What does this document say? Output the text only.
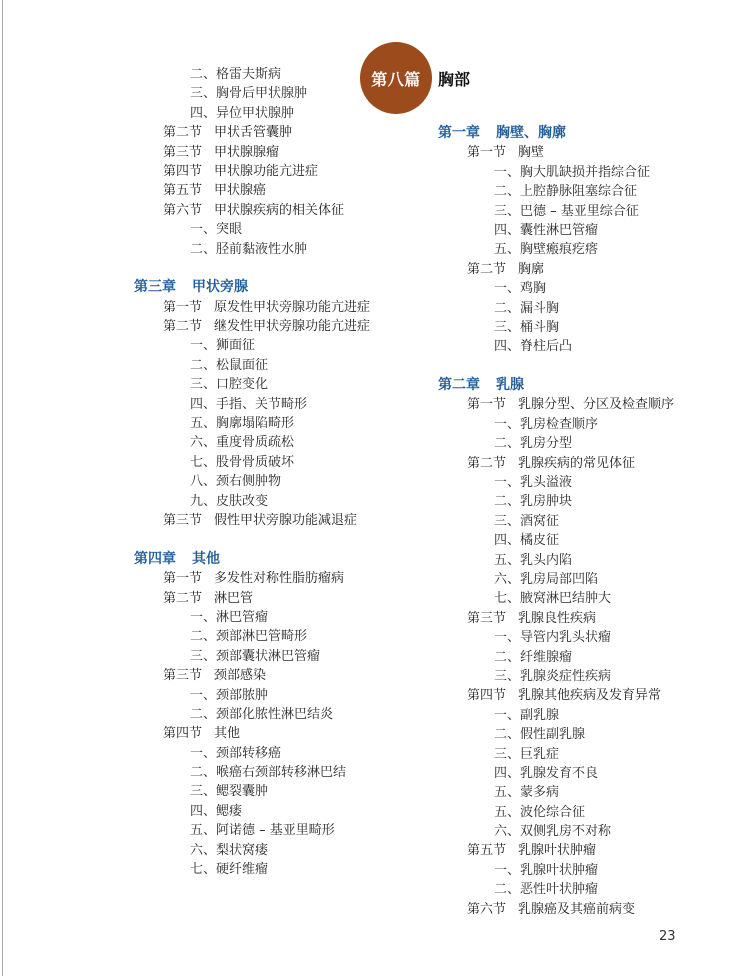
第八篇	胸部
二、格雷夫斯病
三、胸骨后甲状腺肿
四、异位甲状腺肿
第二节 甲状舌管囊肿
第三节 甲状腺腺瘤
第四节 甲状腺功能亢进症
第五节 甲状腺癌
第六节 甲状腺疾病的相关体征
一、突眼
二、胫前黏液性水肿
第三章 甲状旁腺
第一节 原发性甲状旁腺功能亢进症
第二节 继发性甲状旁腺功能亢进症
一、狮面征
二、松鼠面征
三、口腔变化
四、手指、关节畸形
五、胸廓塌陷畸形
六、重度骨质疏松
七、股骨骨质破坏
八、颈右侧肿物
九、皮肤改变
第三节 假性甲状旁腺功能减退症
第四章 其他
第一节 多发性对称性脂肪瘤病
第二节 淋巴管
一、淋巴管瘤
二、颈部淋巴管畸形
三、颈部囊状淋巴管瘤
第三节 颈部感染
一、颈部脓肿
二、颈部化脓性淋巴结炎
第四节 其他
一、颈部转移癌
二、喉癌右颈部转移淋巴结
三、鳃裂囊肿
四、鳃瘘
五、阿诺德 – 基亚里畸形
六、梨状窝瘘
七、硬纤维瘤
第一章 胸壁、胸廓
第一节 胸壁
一、胸大肌缺损并指综合征
二、上腔静脉阻塞综合征
三、巴德 – 基亚里综合征
四、囊性淋巴管瘤
五、胸壁瘢痕疙瘩
第二节 胸廓
一、鸡胸
二、漏斗胸
三、桶斗胸
四、脊柱后凸
第二章 乳腺
第一节 乳腺分型、分区及检查顺序
一、乳房检查顺序
二、乳房分型
第二节 乳腺疾病的常见体征
一、乳头溢液
二、乳房肿块
三、酒窝征
四、橘皮征
五、乳头内陷
六、乳房局部凹陷
七、腋窝淋巴结肿大
第三节 乳腺良性疾病
一、导管内乳头状瘤
二、纤维腺瘤
三、乳腺炎症性疾病
第四节 乳腺其他疾病及发育异常
一、副乳腺
二、假性副乳腺
三、巨乳症
四、乳腺发育不良
五、蒙多病
五、波伦综合征
六、双侧乳房不对称
第五节 乳腺叶状肿瘤
一、乳腺叶状肿瘤
二、恶性叶状肿瘤
第六节 乳腺癌及其癌前病变
23
